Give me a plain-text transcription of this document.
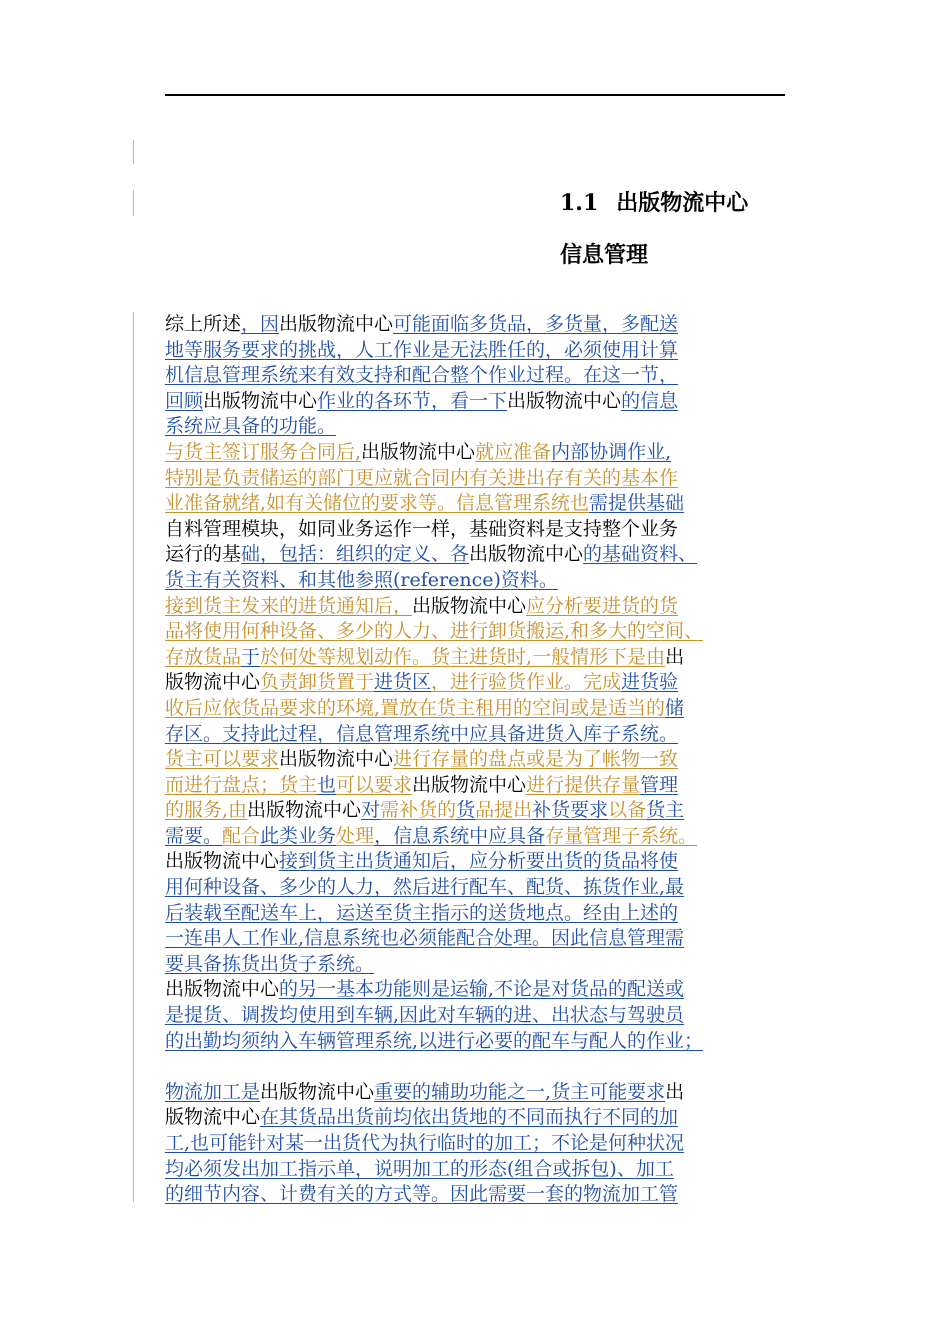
1.1 出版物流中心
信息管理
综上所述，因出版物流中心可能面临多货品，多货量，多配送
地等服务要求的挑战，人工作业是无法胜任的，必须使用计算
机信息管理系统来有效支持和配合整个作业过程。在这一节，
回顾出版物流中心作业的各环节，看一下出版物流中心的信息
系统应具备的功能。
与货主签订服务合同后,出版物流中心就应准备内部协调作业,
特别是负责储运的部门更应就合同内有关进出存有关的基本作
业准备就绪,如有关储位的要求等。信息管理系统也需提供基础
自料管理模块，如同业务运作一样，基础资料是支持整个业务
运行的基础，包括：组织的定义、各出版物流中心的基础资料、
货主有关资料、和其他参照(reference)资料。
接到货主发来的进货通知后，出版物流中心应分析要进货的货
品将使用何种设备、多少的人力、进行卸货搬运,和多大的空间、
存放货品于於何处等规划动作。货主进货时,一般情形下是由出
版物流中心负责卸货置于进货区，进行验货作业。完成进货验
收后应依货品要求的环境,置放在货主租用的空间或是适当的储
存区。支持此过程，信息管理系统中应具备进货入库子系统。
货主可以要求出版物流中心进行存量的盘点或是为了帐物一致
而进行盘点；货主也可以要求出版物流中心进行提供存量管理
的服务,由出版物流中心对需补货的货品提出补货要求以备货主
需要。配合此类业务处理，信息系统中应具备存量管理子系统。
出版物流中心接到货主出货通知后，应分析要出货的货品将使
用何种设备、多少的人力，然后进行配车、配货、拣货作业,最
后装载至配送车上，运送至货主指示的送货地点。经由上述的
一连串人工作业,信息系统也必须能配合处理。因此信息管理需
要具备拣货出货子系统。
出版物流中心的另一基本功能则是运输,不论是对货品的配送或
是提货、调拨均使用到车辆,因此对车辆的进、出状态与驾驶员
的出勤均须纳入车辆管理系统,以进行必要的配车与配人的作业；
物流加工是出版物流中心重要的辅助功能之一,货主可能要求出
版物流中心在其货品出货前均依出货地的不同而执行不同的加
工,也可能针对某一出货代为执行临时的加工；不论是何种状况
均必须发出加工指示单，说明加工的形态(组合或拆包)、加工
的细节内容、计费有关的方式等。因此需要一套的物流加工管
